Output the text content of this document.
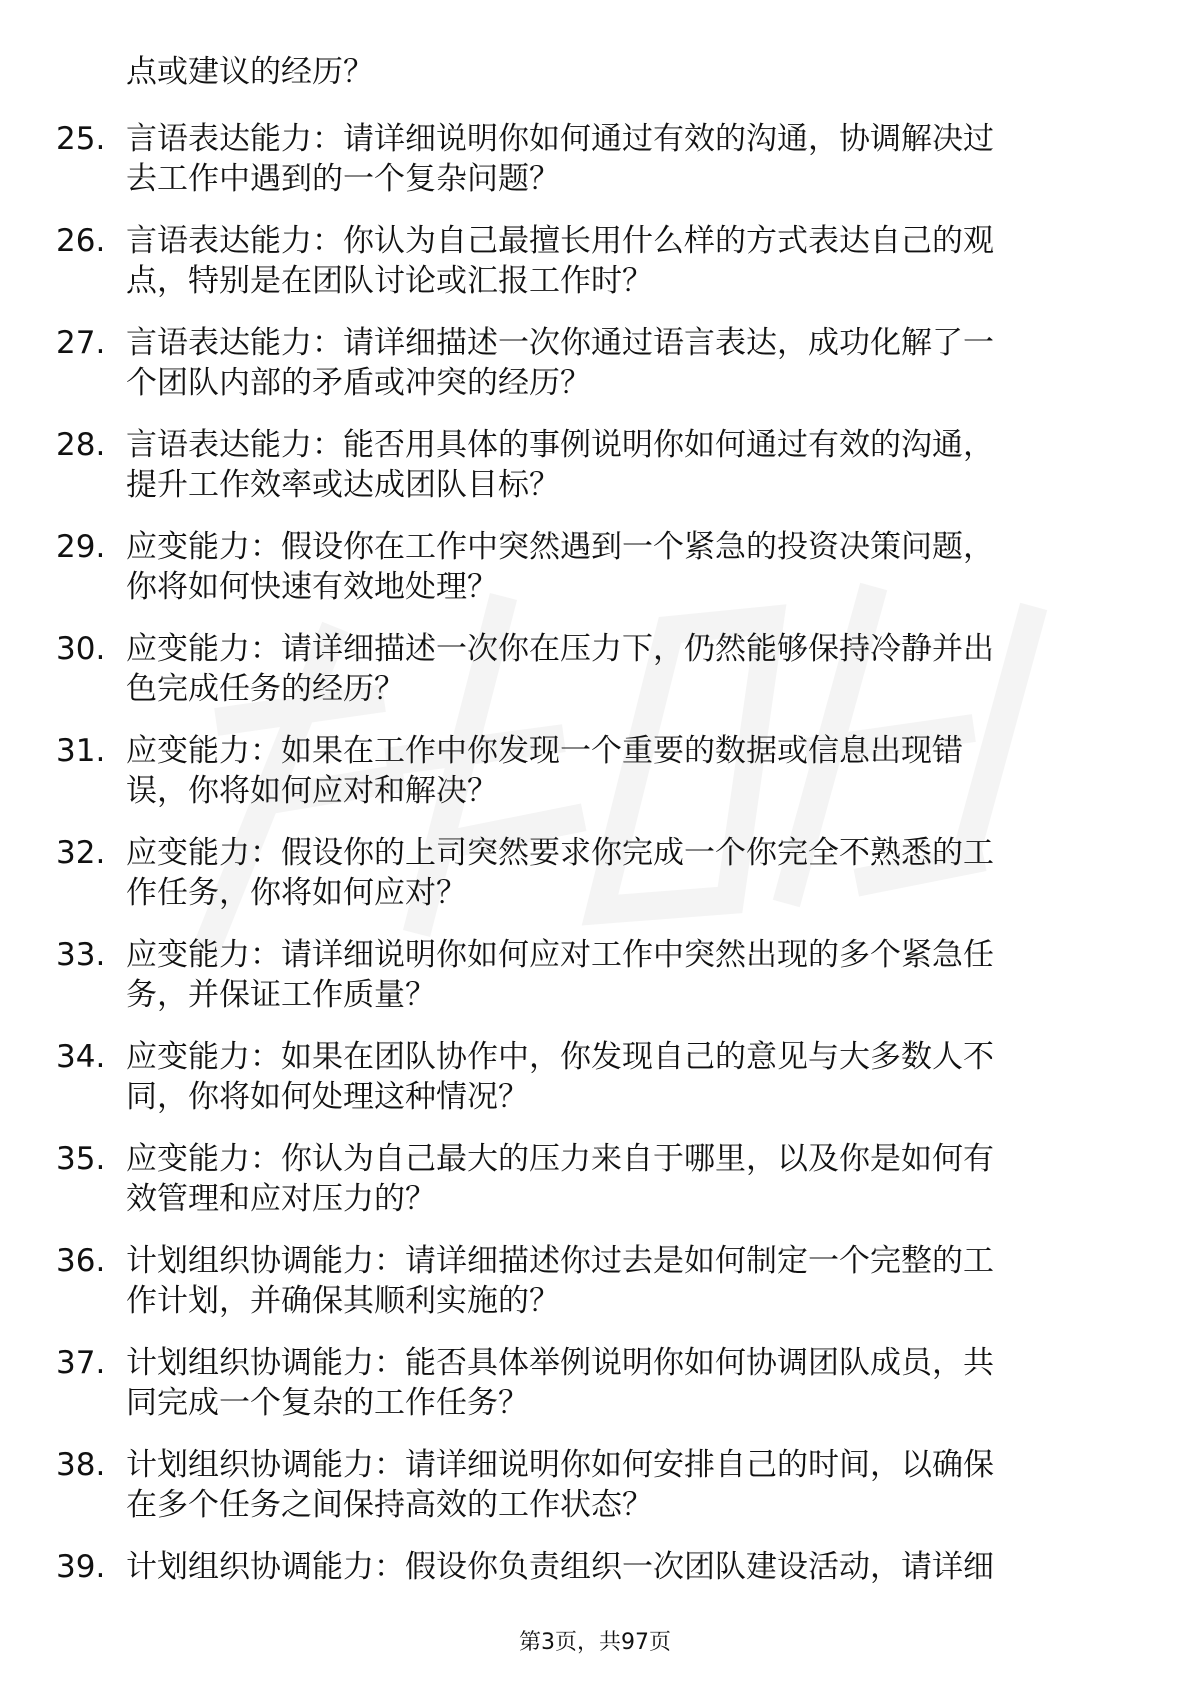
点或建议的经历？

25. 言语表达能力：请详细说明你如何通过有效的沟通，协调解决过
去工作中遇到的一个复杂问题？
26. 言语表达能力：你认为自己最擅长用什么样的方式表达自己的观
点，特别是在团队讨论或汇报工作时？
27. 言语表达能力：请详细描述一次你通过语言表达，成功化解了一
个团队内部的矛盾或冲突的经历？
28. 言语表达能力：能否用具体的事例说明你如何通过有效的沟通，
提升工作效率或达成团队目标？
29. 应变能力：假设你在工作中突然遇到一个紧急的投资决策问题，
你将如何快速有效地处理？
30. 应变能力：请详细描述一次你在压力下，仍然能够保持冷静并出
色完成任务的经历？
31. 应变能力：如果在工作中你发现一个重要的数据或信息出现错
误，你将如何应对和解决？
32. 应变能力：假设你的上司突然要求你完成一个你完全不熟悉的工
作任务，你将如何应对？
33. 应变能力：请详细说明你如何应对工作中突然出现的多个紧急任
务，并保证工作质量？
34. 应变能力：如果在团队协作中，你发现自己的意见与大多数人不
同，你将如何处理这种情况？
35. 应变能力：你认为自己最大的压力来自于哪里，以及你是如何有
效管理和应对压力的？
36. 计划组织协调能力：请详细描述你过去是如何制定一个完整的工
作计划，并确保其顺利实施的？
37. 计划组织协调能力：能否具体举例说明你如何协调团队成员，共
同完成一个复杂的工作任务？
38. 计划组织协调能力：请详细说明你如何安排自己的时间，以确保
在多个任务之间保持高效的工作状态？
39. 计划组织协调能力：假设你负责组织一次团队建设活动，请详细
第3页，共97页
